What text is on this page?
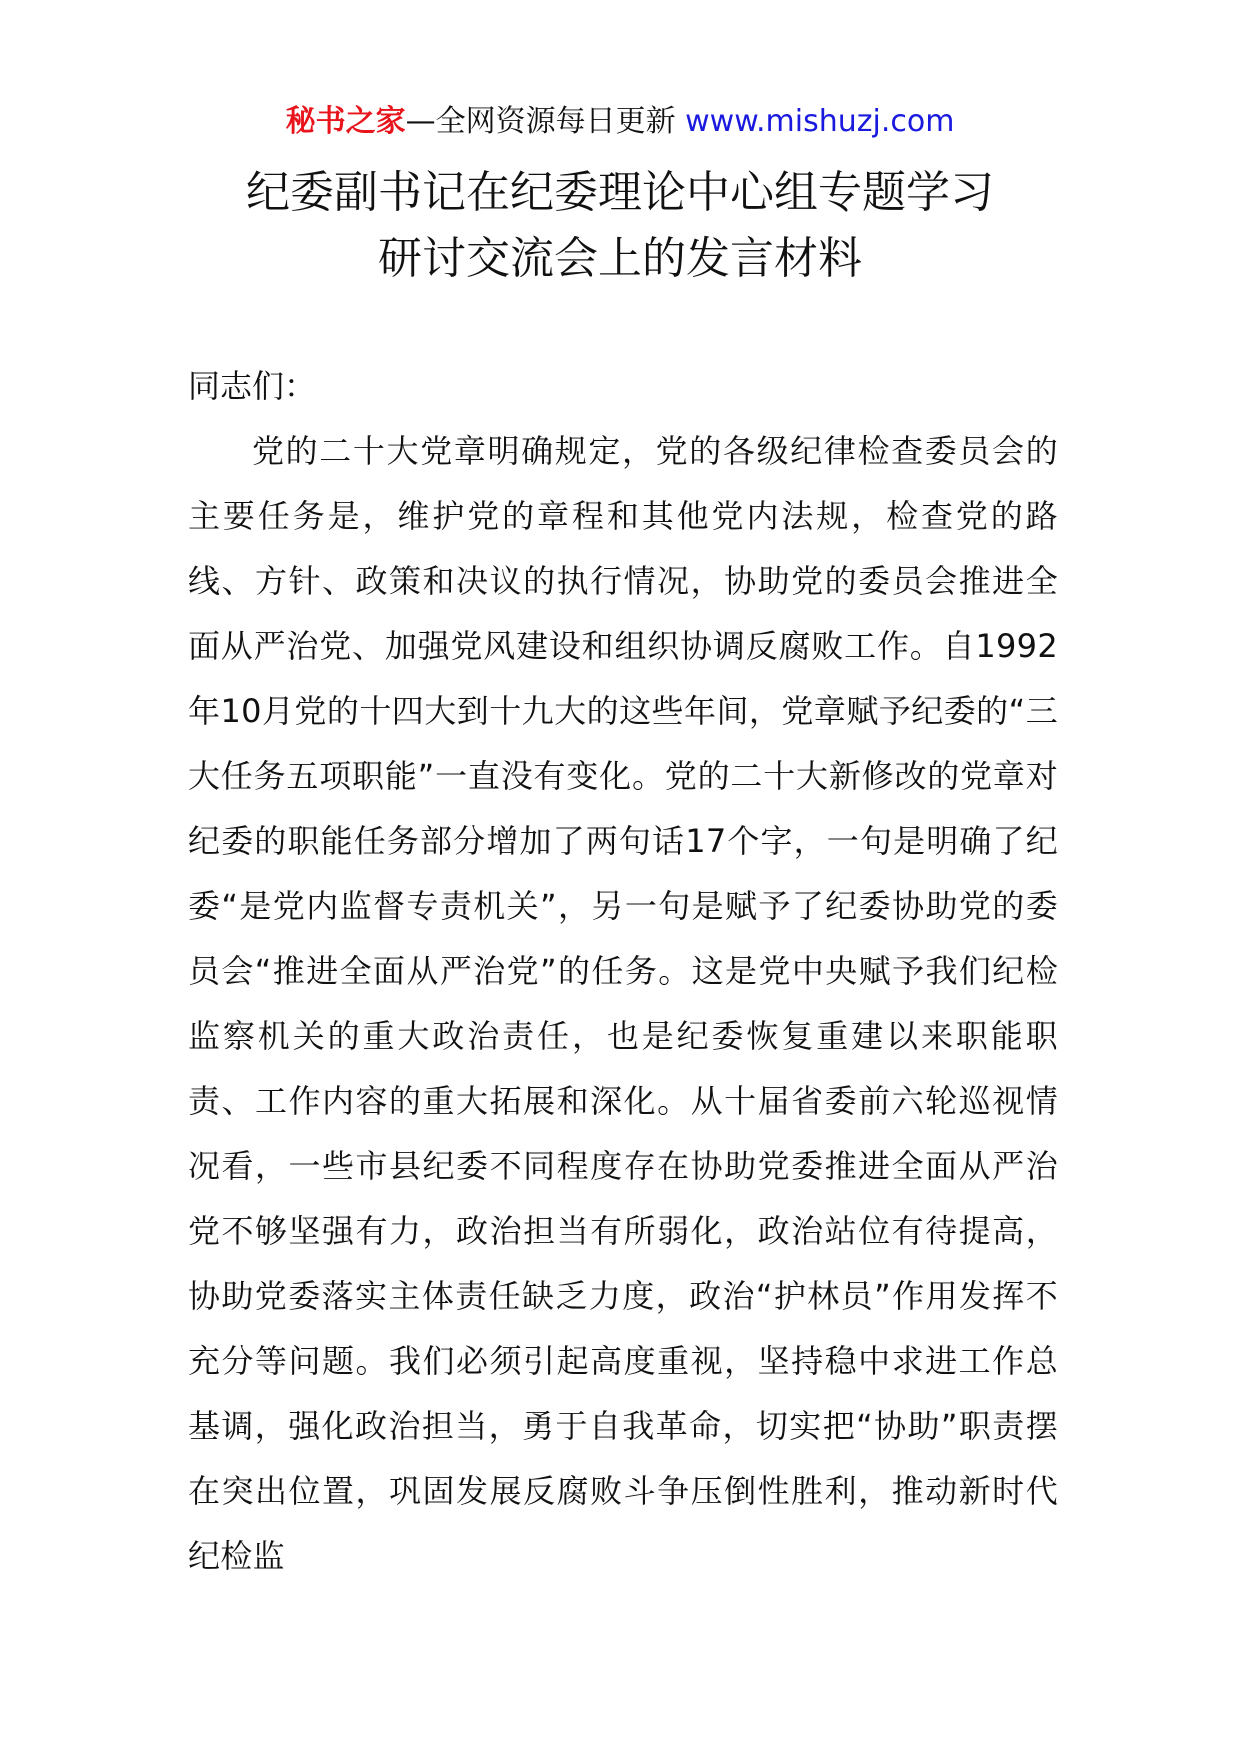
秘书之家—全网资源每日更新 www.mishuzj.com
纪委副书记在纪委理论中心组专题学习
研讨交流会上的发言材料

同志们：

党的二十大党章明确规定，党的各级纪律检查委员会的主要任务是，维护党的章程和其他党内法规，检查党的路线、方针、政策和决议的执行情况，协助党的委员会推进全面从严治党、加强党风建设和组织协调反腐败工作。自1992年10月党的十四大到十九大的这些年间，党章赋予纪委的“三大任务五项职能”一直没有变化。党的二十大新修改的党章对纪委的职能任务部分增加了两句话17个字，一句是明确了纪委“是党内监督专责机关”，另一句是赋予了纪委协助党的委员会“推进全面从严治党”的任务。这是党中央赋予我们纪检监察机关的重大政治责任，也是纪委恢复重建以来职能职责、工作内容的重大拓展和深化。从十届省委前六轮巡视情况看，一些市县纪委不同程度存在协助党委推进全面从严治党不够坚强有力，政治担当有所弱化，政治站位有待提高，协助党委落实主体责任缺乏力度，政治“护林员”作用发挥不充分等问题。我们必须引起高度重视，坚持稳中求进工作总基调，强化政治担当，勇于自我革命，切实把“协助”职责摆在突出位置，巩固发展反腐败斗争压倒性胜利，推动新时代纪检监
